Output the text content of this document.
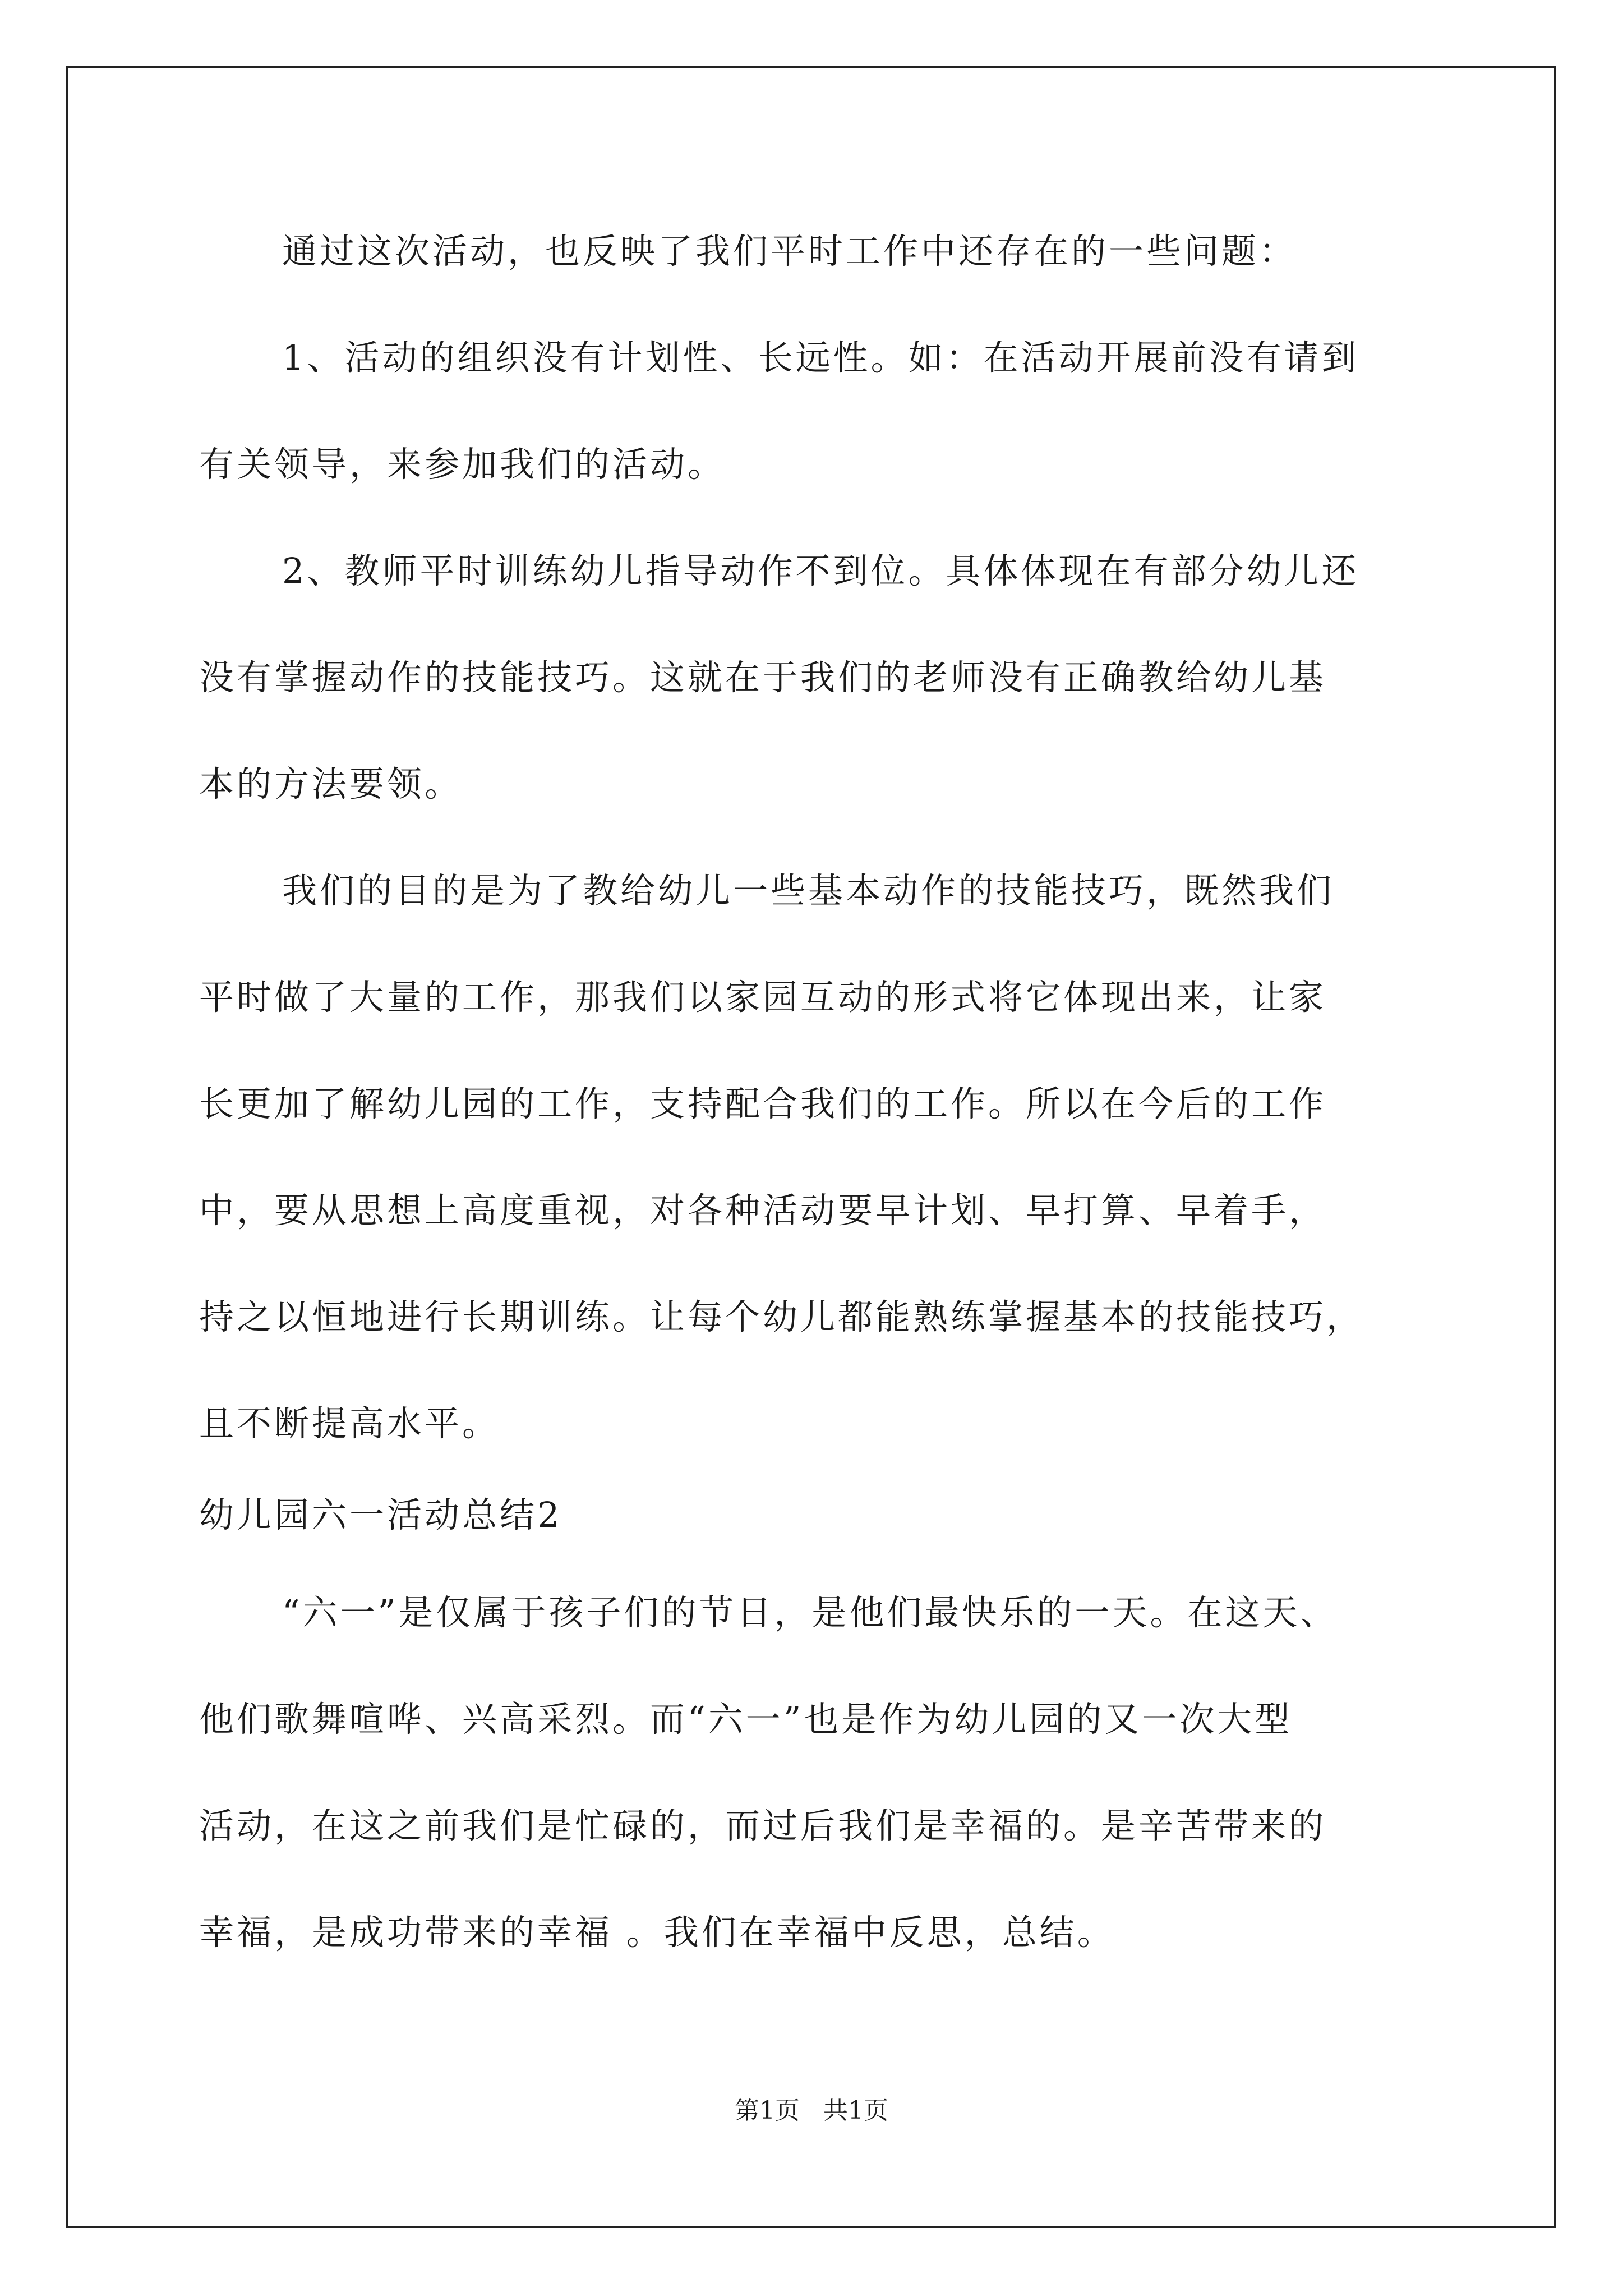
通过这次活动，也反映了我们平时工作中还存在的一些问题：
1、活动的组织没有计划性、长远性。如：在活动开展前没有请到
有关领导，来参加我们的活动。
2、教师平时训练幼儿指导动作不到位。具体体现在有部分幼儿还
没有掌握动作的技能技巧。这就在于我们的老师没有正确教给幼儿基
本的方法要领。
我们的目的是为了教给幼儿一些基本动作的技能技巧，既然我们
平时做了大量的工作，那我们以家园互动的形式将它体现出来，让家
长更加了解幼儿园的工作，支持配合我们的工作。所以在今后的工作
中，要从思想上高度重视，对各种活动要早计划、早打算、早着手，
持之以恒地进行长期训练。让每个幼儿都能熟练掌握基本的技能技巧，
且不断提高水平。
幼儿园六一活动总结2
“六一”是仅属于孩子们的节日，是他们最快乐的一天。在这天、
他们歌舞喧哗、兴高采烈。而“六一”也是作为幼儿园的又一次大型
活动，在这之前我们是忙碌的，而过后我们是幸福的。是辛苦带来的
幸福，是成功带来的幸福 。我们在幸福中反思，总结。
第1页   共1页
